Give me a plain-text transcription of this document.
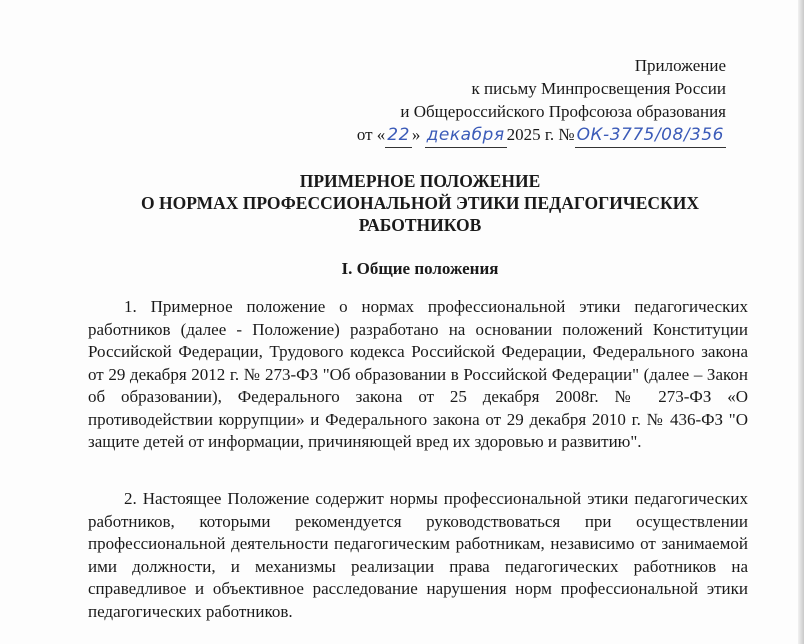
Приложение
к письму Минпросвещения России
и Общероссийского Профсоюза образования
от « 22 » декабря 2025 г. № ОК-3775/08/356
ПРИМЕРНОЕ ПОЛОЖЕНИЕ
О НОРМАХ ПРОФЕССИОНАЛЬНОЙ ЭТИКИ ПЕДАГОГИЧЕСКИХ
РАБОТНИКОВ
I. Общие положения
1. Примерное положение о нормах профессиональной этики педагогических работников (далее - Положение) разработано на основании положений Конституции Российской Федерации, Трудового кодекса Российской Федерации, Федерального закона от 29 декабря 2012 г. № 273-ФЗ "Об образовании в Российской Федерации" (далее – Закон об образовании), Федерального закона от 25 декабря 2008г. № 273-ФЗ «О противодействии коррупции» и Федерального закона от 29 декабря 2010 г. № 436-ФЗ "О защите детей от информации, причиняющей вред их здоровью и развитию".
2. Настоящее Положение содержит нормы профессиональной этики педагогических работников, которыми рекомендуется руководствоваться при осуществлении профессиональной деятельности педагогическим работникам, независимо от занимаемой ими должности, и механизмы реализации права педагогических работников на справедливое и объективное расследование нарушения норм профессиональной этики педагогических работников.
